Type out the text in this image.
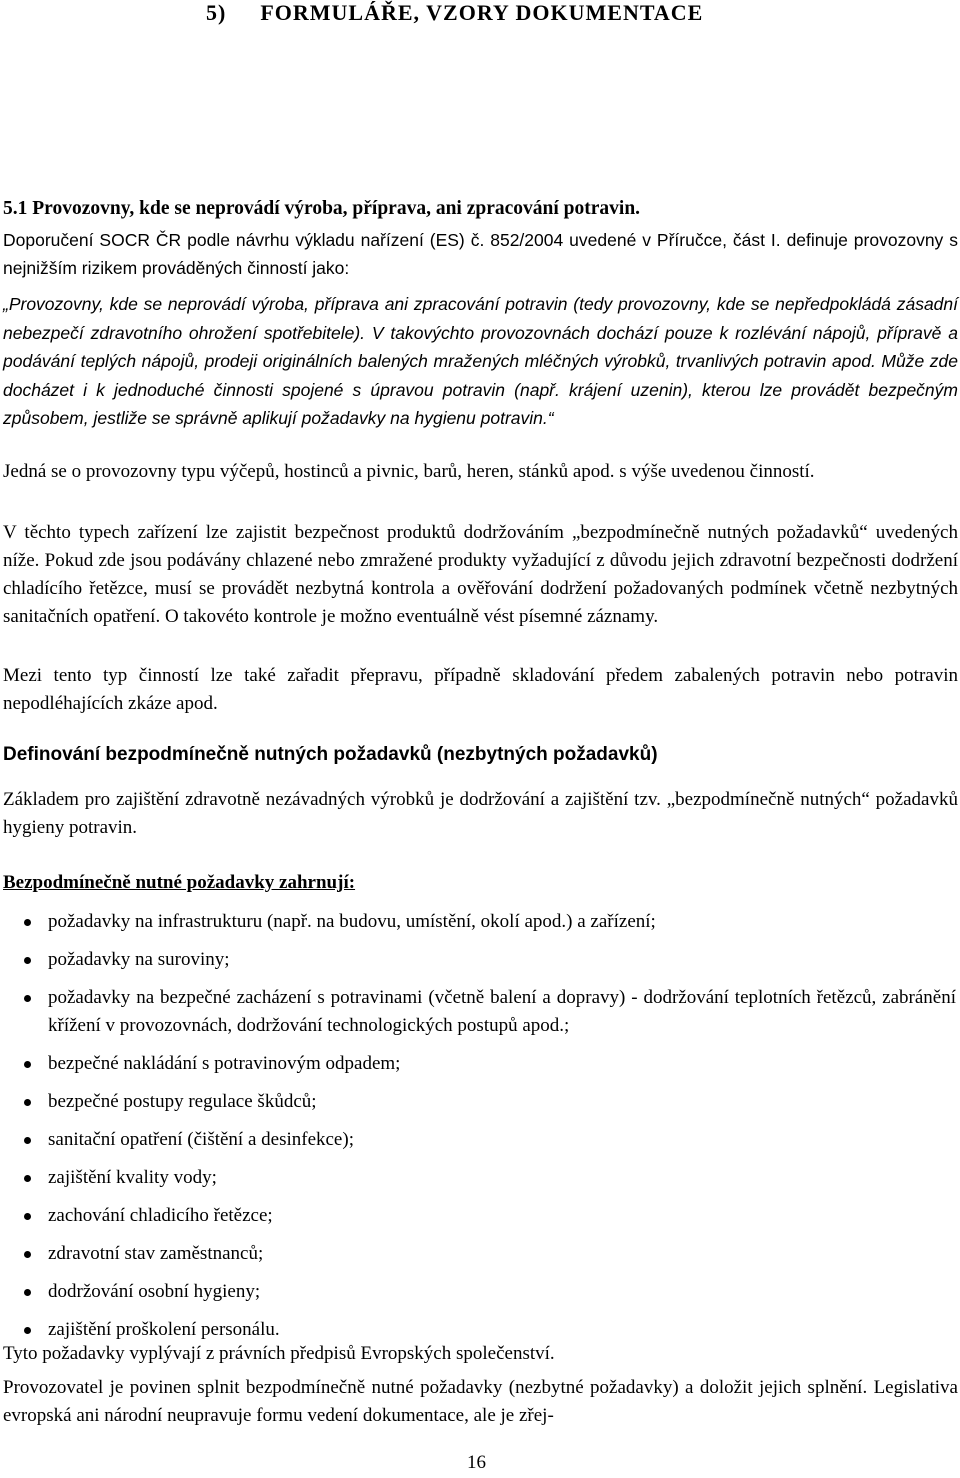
5) FORMULÁŘE, VZORY DOKUMENTACE
5.1 Provozovny, kde se neprovádí výroba, příprava, ani zpracování potravin.

Doporučení SOCR ČR podle návrhu výkladu nařízení (ES) č. 852/2004 uvedené v Příručce, část I. definuje provozovny s nejnižším rizikem prováděných činností jako:

„Provozovny, kde se neprovádí výroba, příprava ani zpracování potravin (tedy provozovny, kde se nepředpokládá zásadní nebezpečí zdravotního ohrožení spotřebitele). V takovýchto provozovnách dochází pouze k rozlévání nápojů, přípravě a podávání teplých nápojů, prodeji originálních balených mražených mléčných výrobků, trvanlivých potravin apod. Může zde docházet i k jednoduché činnosti spojené s úpravou potravin (např. krájení uzenin), kterou lze provádět bezpečným způsobem, jestliže se správně aplikují požadavky na hygienu potravin.“

Jedná se o provozovny typu výčepů, hostinců a pivnic, barů, heren, stánků apod. s výše uvedenou činností.

V těchto typech zařízení lze zajistit bezpečnost produktů dodržováním „bezpodmínečně nutných požadavků“ uvedených níže. Pokud zde jsou podávány chlazené nebo zmražené produkty vyžadující z důvodu jejich zdravotní bezpečnosti dodržení chladícího řetězce, musí se provádět nezbytná kontrola a ověřování dodržení požadovaných podmínek včetně nezbytných sanitačních opatření. O takovéto kontrole je možno eventuálně vést písemné záznamy.

Mezi tento typ činností lze také zařadit přepravu, případně skladování předem zabalených potravin nebo potravin nepodléhajících zkáze apod.

Definování bezpodmínečně nutných požadavků (nezbytných požadavků)

Základem pro zajištění zdravotně nezávadných výrobků je dodržování a zajištění tzv. „bezpodmínečně nutných“ požadavků hygieny potravin.

Bezpodmínečně nutné požadavky zahrnují:
požadavky na infrastrukturu (např. na budovu, umístění, okolí apod.) a zařízení;
požadavky na suroviny;
požadavky na bezpečné zacházení s potravinami (včetně balení a dopravy) - dodržování teplotních řetězců, zabránění křížení v provozovnách, dodržování technologických postupů apod.;
bezpečné nakládání s potravinovým odpadem;
bezpečné postupy regulace škůdců;
sanitační opatření (čištění a desinfekce);
zajištění kvality vody;
zachování chladicího řetězce;
zdravotní stav zaměstnanců;
dodržování osobní hygieny;
zajištění proškolení personálu.

Tyto požadavky vyplývají z právních předpisů Evropských společenství.

Provozovatel je povinen splnit bezpodmínečně nutné požadavky (nezbytné požadavky) a doložit jejich splnění. Legislativa evropská ani národní neupravuje formu vedení dokumentace, ale je zřej-

16
